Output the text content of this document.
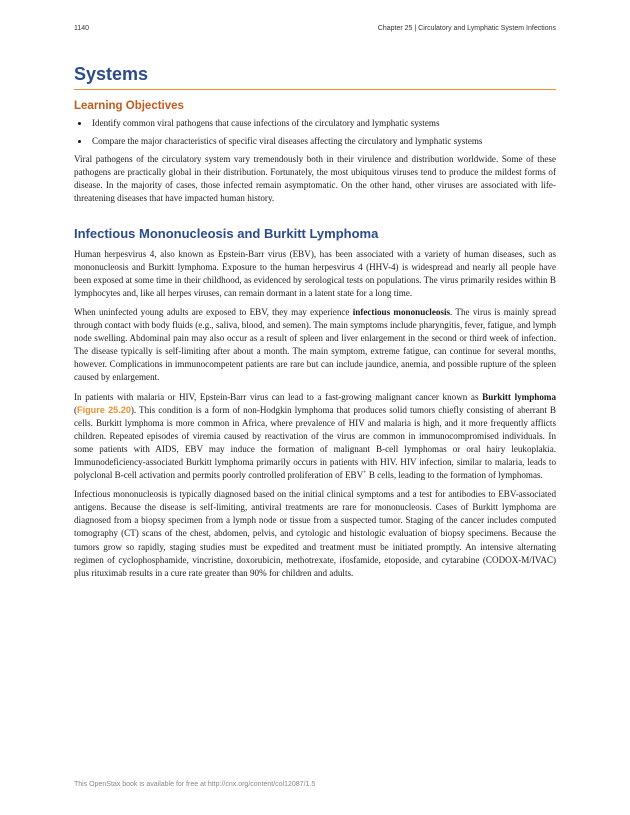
1140	Chapter 25 | Circulatory and Lymphatic System Infections
Systems
Learning Objectives
• Identify common viral pathogens that cause infections of the circulatory and lymphatic systems
• Compare the major characteristics of specific viral diseases affecting the circulatory and lymphatic systems

Viral pathogens of the circulatory system vary tremendously both in their virulence and distribution worldwide. Some of these pathogens are practically global in their distribution. Fortunately, the most ubiquitous viruses tend to produce the mildest forms of disease. In the majority of cases, those infected remain asymptomatic. On the other hand, other viruses are associated with life-threatening diseases that have impacted human history.

Infectious Mononucleosis and Burkitt Lymphoma

Human herpesvirus 4, also known as Epstein-Barr virus (EBV), has been associated with a variety of human diseases, such as mononucleosis and Burkitt lymphoma. Exposure to the human herpesvirus 4 (HHV-4) is widespread and nearly all people have been exposed at some time in their childhood, as evidenced by serological tests on populations. The virus primarily resides within B lymphocytes and, like all herpes viruses, can remain dormant in a latent state for a long time.

When uninfected young adults are exposed to EBV, they may experience infectious mononucleosis. The virus is mainly spread through contact with body fluids (e.g., saliva, blood, and semen). The main symptoms include pharyngitis, fever, fatigue, and lymph node swelling. Abdominal pain may also occur as a result of spleen and liver enlargement in the second or third week of infection. The disease typically is self-limiting after about a month. The main symptom, extreme fatigue, can continue for several months, however. Complications in immunocompetent patients are rare but can include jaundice, anemia, and possible rupture of the spleen caused by enlargement.

In patients with malaria or HIV, Epstein-Barr virus can lead to a fast-growing malignant cancer known as Burkitt lymphoma (Figure 25.20). This condition is a form of non-Hodgkin lymphoma that produces solid tumors chiefly consisting of aberrant B cells. Burkitt lymphoma is more common in Africa, where prevalence of HIV and malaria is high, and it more frequently afflicts children. Repeated episodes of viremia caused by reactivation of the virus are common in immunocompromised individuals. In some patients with AIDS, EBV may induce the formation of malignant B-cell lymphomas or oral hairy leukoplakia. Immunodeficiency-associated Burkitt lymphoma primarily occurs in patients with HIV. HIV infection, similar to malaria, leads to polyclonal B-cell activation and permits poorly controlled proliferation of EBV+ B cells, leading to the formation of lymphomas.

Infectious mononucleosis is typically diagnosed based on the initial clinical symptoms and a test for antibodies to EBV-associated antigens. Because the disease is self-limiting, antiviral treatments are rare for mononucleosis. Cases of Burkitt lymphoma are diagnosed from a biopsy specimen from a lymph node or tissue from a suspected tumor. Staging of the cancer includes computed tomography (CT) scans of the chest, abdomen, pelvis, and cytologic and histologic evaluation of biopsy specimens. Because the tumors grow so rapidly, staging studies must be expedited and treatment must be initiated promptly. An intensive alternating regimen of cyclophosphamide, vincristine, doxorubicin, methotrexate, ifosfamide, etoposide, and cytarabine (CODOX-M/IVAC) plus rituximab results in a cure rate greater than 90% for children and adults.

This OpenStax book is available for free at http://cnx.org/content/col12087/1.5
